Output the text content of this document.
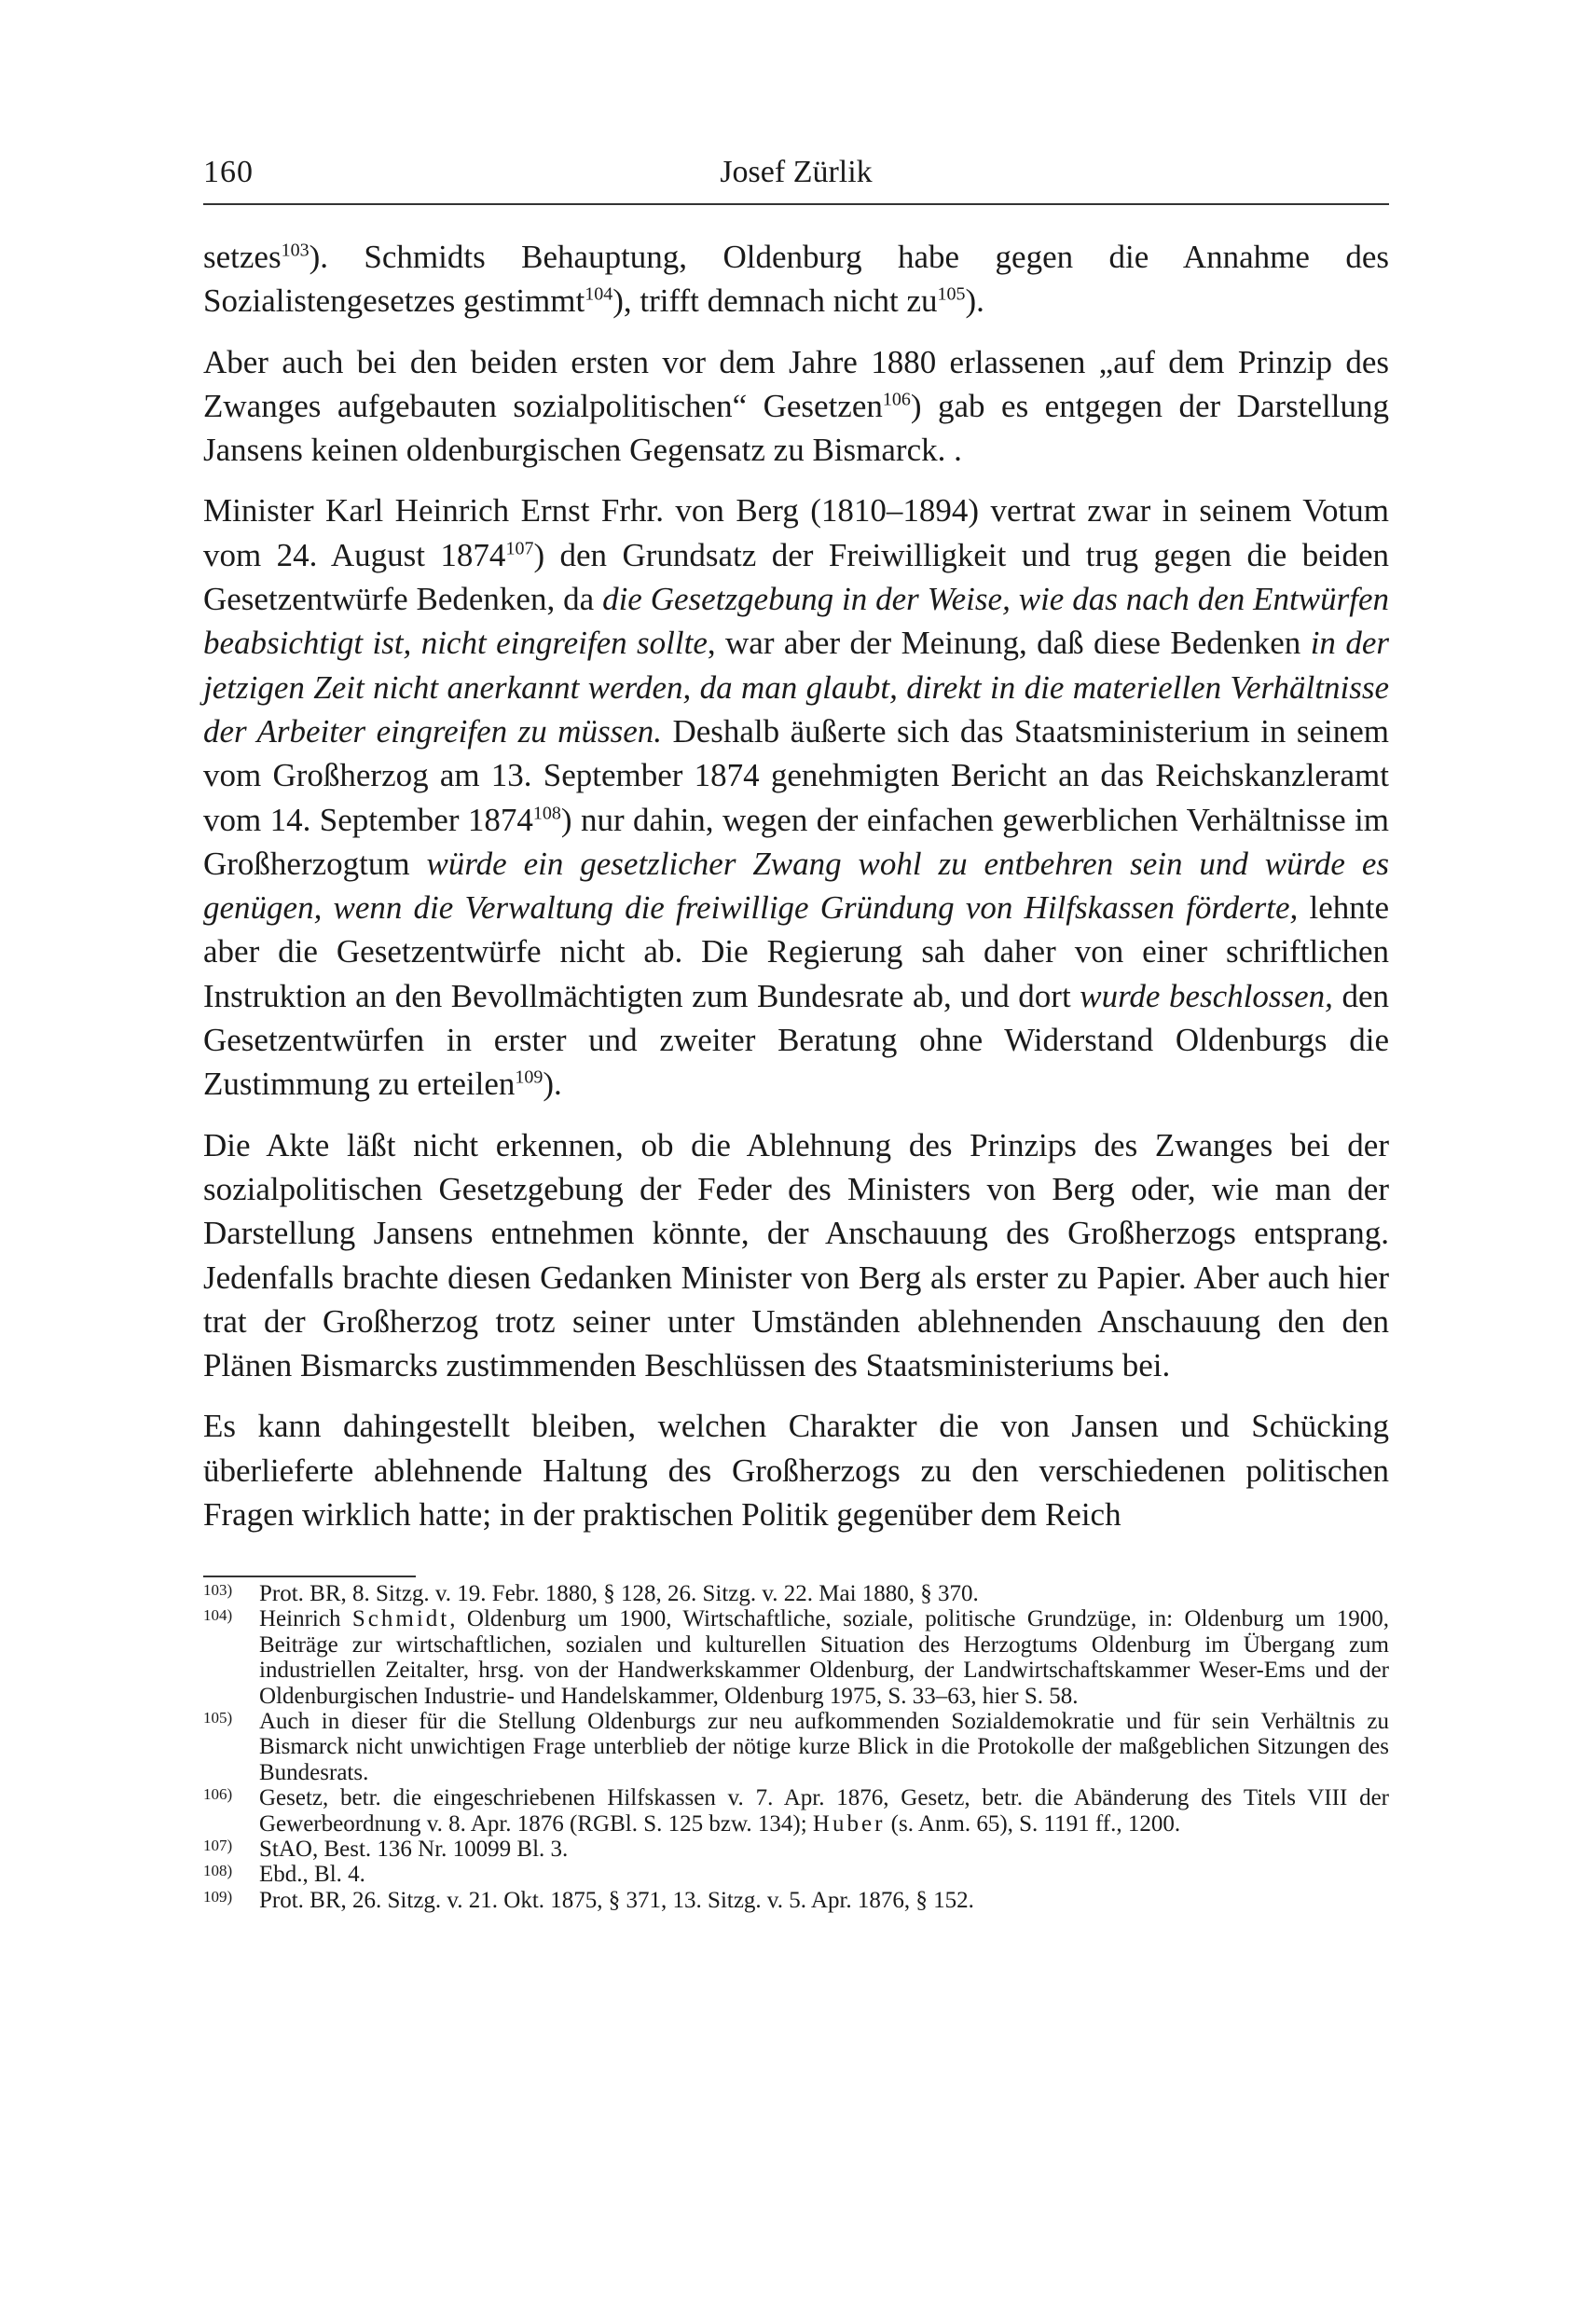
160	Josef Zürlik

setzes$^{103}$). Schmidts Behauptung, Oldenburg habe gegen die Annahme des Sozialistengesetzes gestimmt$^{104}$), trifft demnach nicht zu$^{105}$).

Aber auch bei den beiden ersten vor dem Jahre 1880 erlassenen „auf dem Prinzip des Zwanges aufgebauten sozialpolitischen“ Gesetzen$^{106}$) gab es entgegen der Darstellung Jansens keinen oldenburgischen Gegensatz zu Bismarck. .

Minister Karl Heinrich Ernst Frhr. von Berg (1810–1894) vertrat zwar in seinem Votum vom 24. August 1874$^{107}$) den Grundsatz der Freiwilligkeit und trug gegen die beiden Gesetzentwürfe Bedenken, da die Gesetzgebung in der Weise, wie das nach den Entwürfen beabsichtigt ist, nicht eingreifen sollte, war aber der Meinung, daß diese Bedenken in der jetzigen Zeit nicht anerkannt werden, da man glaubt, direkt in die materiellen Verhältnisse der Arbeiter eingreifen zu müssen. Deshalb äußerte sich das Staatsministerium in seinem vom Großherzog am 13. September 1874 genehmigten Bericht an das Reichskanzleramt vom 14. September 1874$^{108}$) nur dahin, wegen der einfachen gewerblichen Verhältnisse im Großherzogtum würde ein gesetzlicher Zwang wohl zu entbehren sein und würde es genügen, wenn die Verwaltung die freiwillige Gründung von Hilfskassen förderte, lehnte aber die Gesetzentwürfe nicht ab. Die Regierung sah daher von einer schriftlichen Instruktion an den Bevollmächtigten zum Bundesrate ab, und dort wurde beschlossen, den Gesetzentwürfen in erster und zweiter Beratung ohne Widerstand Oldenburgs die Zustimmung zu erteilen$^{109}$).

Die Akte läßt nicht erkennen, ob die Ablehnung des Prinzips des Zwanges bei der sozialpolitischen Gesetzgebung der Feder des Ministers von Berg oder, wie man der Darstellung Jansens entnehmen könnte, der Anschauung des Großherzogs entsprang. Jedenfalls brachte diesen Gedanken Minister von Berg als erster zu Papier. Aber auch hier trat der Großherzog trotz seiner unter Umständen ablehnenden Anschauung den den Plänen Bismarcks zustimmenden Beschlüssen des Staatsministeriums bei.

Es kann dahingestellt bleiben, welchen Charakter die von Jansen und Schücking überlieferte ablehnende Haltung des Großherzogs zu den verschiedenen politischen Fragen wirklich hatte; in der praktischen Politik gegenüber dem Reich

103) Prot. BR, 8. Sitzg. v. 19. Febr. 1880, § 128, 26. Sitzg. v. 22. Mai 1880, § 370.

104) Heinrich Schmidt, Oldenburg um 1900, Wirtschaftliche, soziale, politische Grundzüge, in: Oldenburg um 1900, Beiträge zur wirtschaftlichen, sozialen und kulturellen Situation des Herzogtums Oldenburg im Übergang zum industriellen Zeitalter, hrsg. von der Handwerkskammer Oldenburg, der Landwirtschaftskammer Weser-Ems und der Oldenburgischen Industrie- und Handelskammer, Oldenburg 1975, S. 33–63, hier S. 58.

105) Auch in dieser für die Stellung Oldenburgs zur neu aufkommenden Sozialdemokratie und für sein Verhältnis zu Bismarck nicht unwichtigen Frage unterblieb der nötige kurze Blick in die Protokolle der maßgeblichen Sitzungen des Bundesrats.

106) Gesetz, betr. die eingeschriebenen Hilfskassen v. 7. Apr. 1876, Gesetz, betr. die Abänderung des Titels VIII der Gewerbeordnung v. 8. Apr. 1876 (RGBl. S. 125 bzw. 134); Huber (s. Anm. 65), S. 1191 ff., 1200.

107) StAO, Best. 136 Nr. 10099 Bl. 3.

108) Ebd., Bl. 4.

109) Prot. BR, 26. Sitzg. v. 21. Okt. 1875, § 371, 13. Sitzg. v. 5. Apr. 1876, § 152.
